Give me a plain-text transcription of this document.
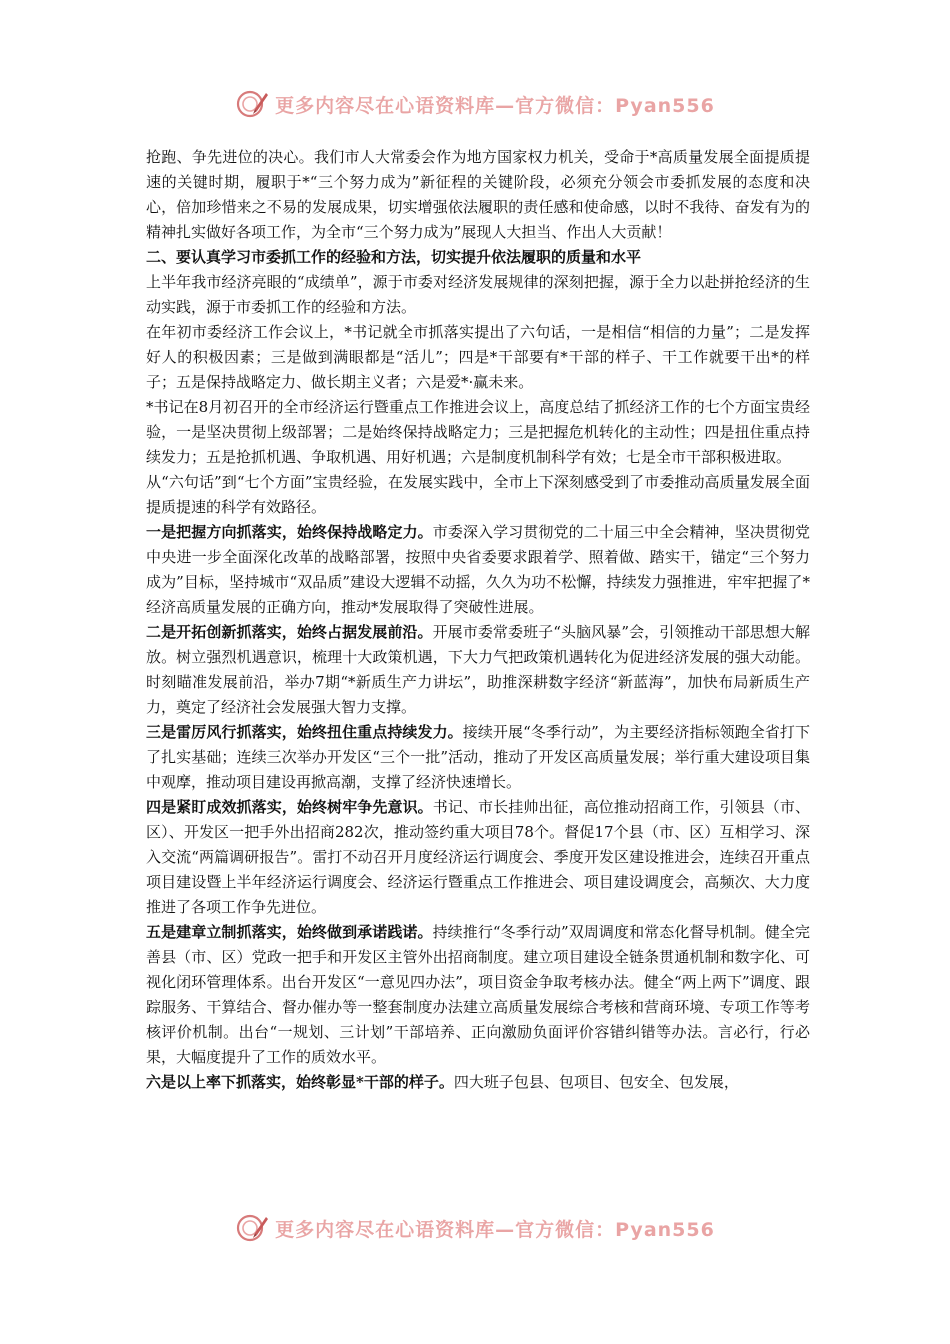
更多内容尽在心语资料库—官方微信：Pyan556

抢跑、争先进位的决心。我们市人大常委会作为地方国家权力机关，受命于*高质量发展全面提质提速的关键时期，履职于*“三个努力成为”新征程的关键阶段，必须充分领会市委抓发展的态度和决心，倍加珍惜来之不易的发展成果，切实增强依法履职的责任感和使命感，以时不我待、奋发有为的精神扎实做好各项工作，为全市“三个努力成为”展现人大担当、作出人大贡献！

二、要认真学习市委抓工作的经验和方法，切实提升依法履职的质量和水平

上半年我市经济亮眼的“成绩单”，源于市委对经济发展规律的深刻把握，源于全力以赴拼抢经济的生动实践，源于市委抓工作的经验和方法。

在年初市委经济工作会议上，*书记就全市抓落实提出了六句话，一是相信“相信的力量”；二是发挥好人的积极因素；三是做到满眼都是“活儿”；四是*干部要有*干部的样子、干工作就要干出*的样子；五是保持战略定力、做长期主义者；六是爱*·赢未来。

*书记在8月初召开的全市经济运行暨重点工作推进会议上，高度总结了抓经济工作的七个方面宝贵经验，一是坚决贯彻上级部署；二是始终保持战略定力；三是把握危机转化的主动性；四是扭住重点持续发力；五是抢抓机遇、争取机遇、用好机遇；六是制度机制科学有效；七是全市干部积极进取。

从“六句话”到“七个方面”宝贵经验，在发展实践中，全市上下深刻感受到了市委推动高质量发展全面提质提速的科学有效路径。

一是把握方向抓落实，始终保持战略定力。市委深入学习贯彻党的二十届三中全会精神，坚决贯彻党中央进一步全面深化改革的战略部署，按照中央省委要求跟着学、照着做、踏实干，锚定“三个努力成为”目标，坚持城市“双品质”建设大逻辑不动摇，久久为功不松懈，持续发力强推进，牢牢把握了*经济高质量发展的正确方向，推动*发展取得了突破性进展。

二是开拓创新抓落实，始终占据发展前沿。开展市委常委班子“头脑风暴”会，引领推动干部思想大解放。树立强烈机遇意识，梳理十大政策机遇，下大力气把政策机遇转化为促进经济发展的强大动能。时刻瞄准发展前沿，举办7期“*新质生产力讲坛”，助推深耕数字经济“新蓝海”，加快布局新质生产力，奠定了经济社会发展强大智力支撑。

三是雷厉风行抓落实，始终扭住重点持续发力。接续开展“冬季行动”，为主要经济指标领跑全省打下了扎实基础；连续三次举办开发区“三个一批”活动，推动了开发区高质量发展；举行重大建设项目集中观摩，推动项目建设再掀高潮，支撑了经济快速增长。

四是紧盯成效抓落实，始终树牢争先意识。书记、市长挂帅出征，高位推动招商工作，引领县（市、区）、开发区一把手外出招商282次，推动签约重大项目78个。督促17个县（市、区）互相学习、深入交流“两篇调研报告”。雷打不动召开月度经济运行调度会、季度开发区建设推进会，连续召开重点项目建设暨上半年经济运行调度会、经济运行暨重点工作推进会、项目建设调度会，高频次、大力度推进了各项工作争先进位。

五是建章立制抓落实，始终做到承诺践诺。持续推行“冬季行动”双周调度和常态化督导机制。健全完善县（市、区）党政一把手和开发区主管外出招商制度。建立项目建设全链条贯通机制和数字化、可视化闭环管理体系。出台开发区“一意见四办法”，项目资金争取考核办法。健全“两上两下”调度、跟踪服务、干算结合、督办催办等一整套制度办法建立高质量发展综合考核和营商环境、专项工作等考核评价机制。出台“一规划、三计划”干部培养、正向激励负面评价容错纠错等办法。言必行，行必果，大幅度提升了工作的质效水平。

六是以上率下抓落实，始终彰显*干部的样子。四大班子包县、包项目、包安全、包发展，

更多内容尽在心语资料库—官方微信：Pyan556
